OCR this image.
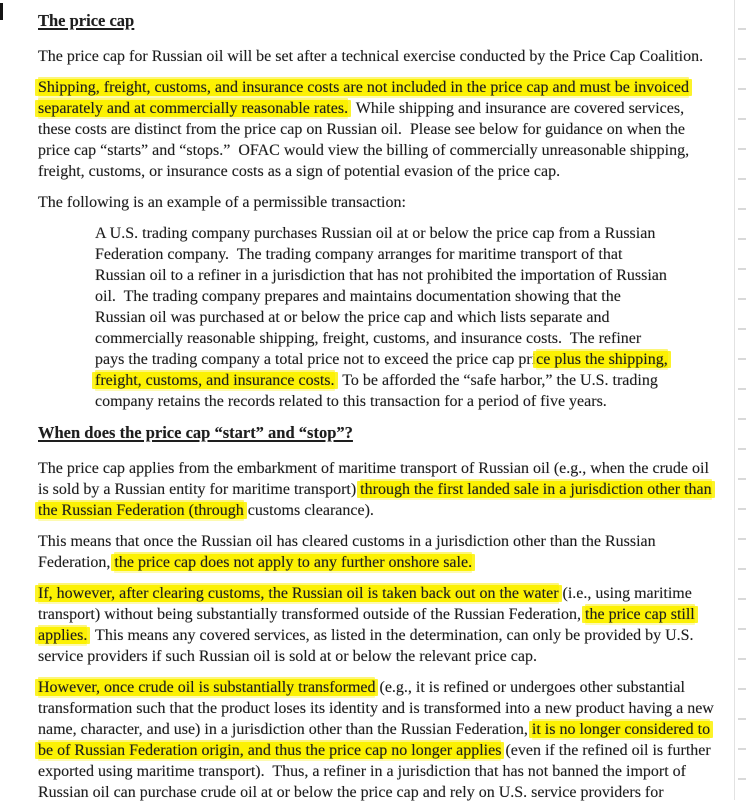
The price cap
The price cap for Russian oil will be set after a technical exercise conducted by the Price Cap Coalition.
Shipping, freight, customs, and insurance costs are not included in the price cap and must be invoiced
separately and at commercially reasonable rates.  While shipping and insurance are covered services,
these costs are distinct from the price cap on Russian oil.  Please see below for guidance on when the
price cap “starts” and “stops.”  OFAC would view the billing of commercially unreasonable shipping,
freight, customs, or insurance costs as a sign of potential evasion of the price cap.
The following is an example of a permissible transaction:
A U.S. trading company purchases Russian oil at or below the price cap from a Russian
Federation company.  The trading company arranges for maritime transport of that
Russian oil to a refiner in a jurisdiction that has not prohibited the importation of Russian
oil.  The trading company prepares and maintains documentation showing that the
Russian oil was purchased at or below the price cap and which lists separate and
commercially reasonable shipping, freight, customs, and insurance costs.  The refiner
pays the trading company a total price not to exceed the price cap price plus the shipping,
freight, customs, and insurance costs.  To be afforded the “safe harbor,” the U.S. trading
company retains the records related to this transaction for a period of five years.
When does the price cap “start” and “stop”?
The price cap applies from the embarkment of maritime transport of Russian oil (e.g., when the crude oil
is sold by a Russian entity for maritime transport) through the first landed sale in a jurisdiction other than
the Russian Federation (through customs clearance).
This means that once the Russian oil has cleared customs in a jurisdiction other than the Russian
Federation, the price cap does not apply to any further onshore sale.
If, however, after clearing customs, the Russian oil is taken back out on the water (i.e., using maritime
transport) without being substantially transformed outside of the Russian Federation, the price cap still
applies.  This means any covered services, as listed in the determination, can only be provided by U.S.
service providers if such Russian oil is sold at or below the relevant price cap.
However, once crude oil is substantially transformed (e.g., it is refined or undergoes other substantial
transformation such that the product loses its identity and is transformed into a new product having a new
name, character, and use) in a jurisdiction other than the Russian Federation, it is no longer considered to
be of Russian Federation origin, and thus the price cap no longer applies (even if the refined oil is further
exported using maritime transport).  Thus, a refiner in a jurisdiction that has not banned the import of
Russian oil can purchase crude oil at or below the price cap and rely on U.S. service providers for
